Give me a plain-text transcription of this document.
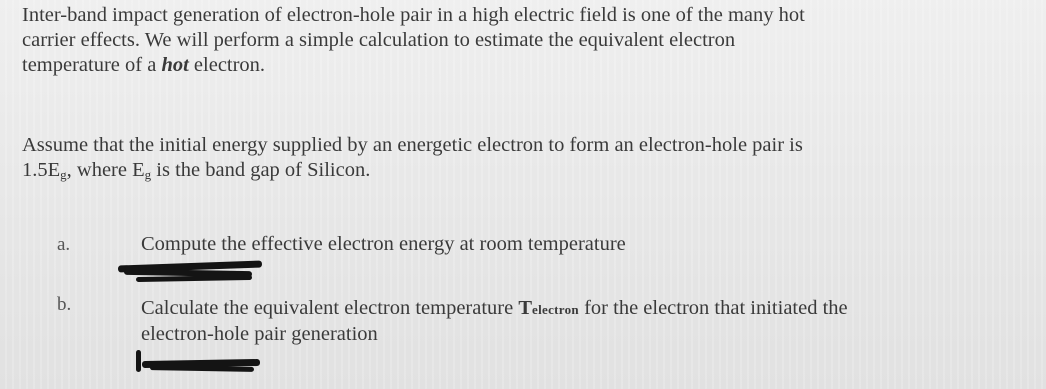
Inter-band impact generation of electron-hole pair in a high electric field is one of the many hot
carrier effects. We will perform a simple calculation to estimate the equivalent electron
temperature of a hot electron.

Assume that the initial energy supplied by an energetic electron to form an electron-hole pair is
$1.5E_g$, where $E_g$ is the band gap of Silicon.

a.	Compute the effective electron energy at room temperature
b.	Calculate the equivalent electron temperature Telectron for the electron that initiated the
electron-hole pair generation
